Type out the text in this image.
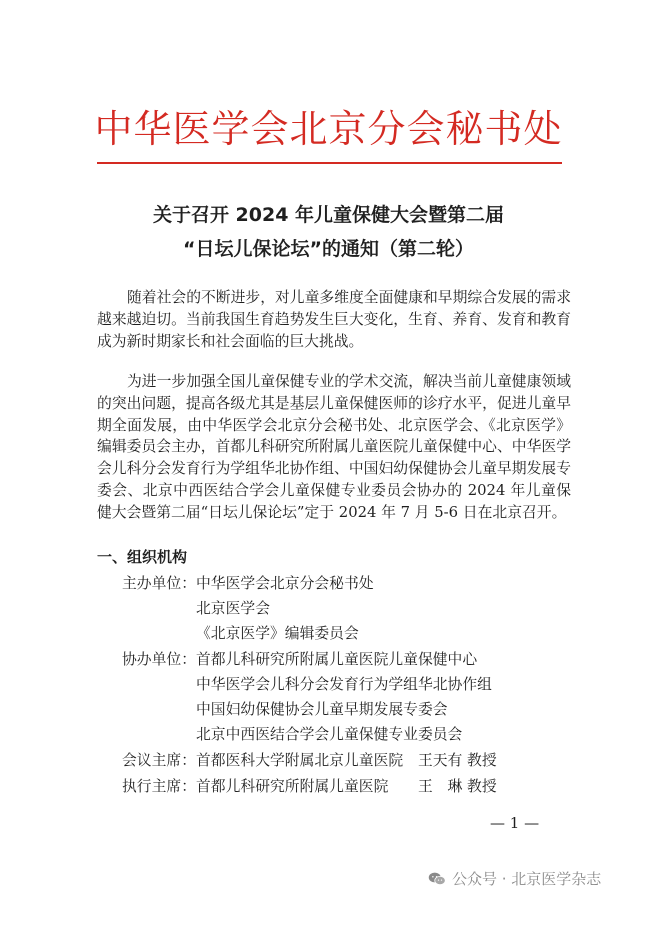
中华医学会北京分会秘书处
关于召开 2024 年儿童保健大会暨第二届
“日坛儿保论坛”的通知（第二轮）

随着社会的不断进步，对儿童多维度全面健康和早期综合发展的需求越来越迫切。当前我国生育趋势发生巨大变化，生育、养育、发育和教育成为新时期家长和社会面临的巨大挑战。

为进一步加强全国儿童保健专业的学术交流，解决当前儿童健康领域的突出问题，提高各级尤其是基层儿童保健医师的诊疗水平，促进儿童早期全面发展，由中华医学会北京分会秘书处、北京医学会、《北京医学》编辑委员会主办，首都儿科研究所附属儿童医院儿童保健中心、中华医学会儿科分会发育行为学组华北协作组、中国妇幼保健协会儿童早期发展专委会、北京中西医结合学会儿童保健专业委员会协办的 2024 年儿童保健大会暨第二届“日坛儿保论坛”定于 2024 年 7 月 5-6 日在北京召开。

一、组织机构
主办单位： 中华医学会北京分会秘书处
北京医学会
《北京医学》编辑委员会
协办单位： 首都儿科研究所附属儿童医院儿童保健中心
中华医学会儿科分会发育行为学组华北协作组
中国妇幼保健协会儿童早期发展专委会
北京中西医结合学会儿童保健专业委员会
会议主席： 首都医科大学附属北京儿童医院　王天有 教授
执行主席： 首都儿科研究所附属儿童医院　　王　琳 教授
— 1 —
公众号 · 北京医学杂志
